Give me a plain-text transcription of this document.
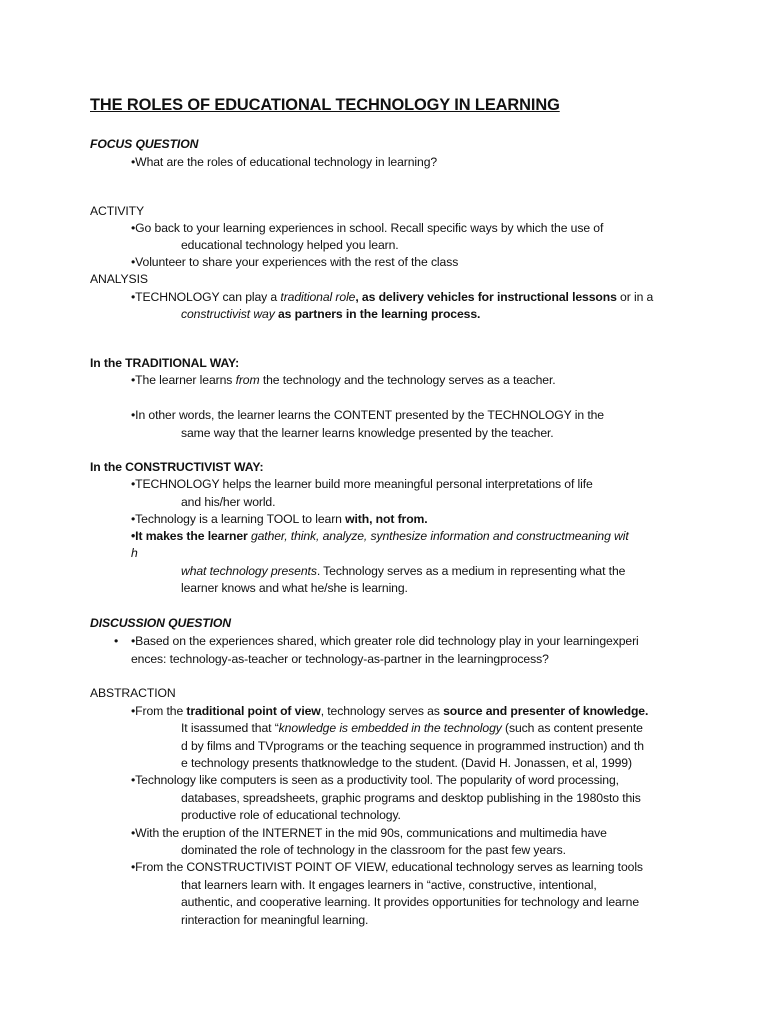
THE ROLES OF EDUCATIONAL TECHNOLOGY IN LEARNING
FOCUS QUESTION
•What are the roles of educational technology in learning?
ACTIVITY
•Go back to your learning experiences in school. Recall specific ways by which the use of
educational technology helped you learn.
•Volunteer to share your experiences with the rest of the class
ANALYSIS
•TECHNOLOGY can play a traditional role, as delivery vehicles for instructional lessons or in a
constructivist way as partners in the learning process.
In the TRADITIONAL WAY:
•The learner learns from the technology and the technology serves as a teacher.
•In other words, the learner learns the CONTENT presented by the TECHNOLOGY in the
same way that the learner learns knowledge presented by the teacher.
In the CONSTRUCTIVIST WAY:
•TECHNOLOGY helps the learner build more meaningful personal interpretations of life
and his/her world.
•Technology is a learning TOOL to learn with, not from.
•It makes the learner gather, think, analyze, synthesize information and constructmeaning wit
h
what technology presents. Technology serves as a medium in representing what the
learner knows and what he/she is learning.
DISCUSSION QUESTION
• •Based on the experiences shared, which greater role did technology play in your learningexperi
ences: technology-as-teacher or technology-as-partner in the learningprocess?
ABSTRACTION
•From the traditional point of view, technology serves as source and presenter of knowledge.
It isassumed that “knowledge is embedded in the technology (such as content presente
d by films and TVprograms or the teaching sequence in programmed instruction) and th
e technology presents thatknowledge to the student. (David H. Jonassen, et al, 1999)
•Technology like computers is seen as a productivity tool. The popularity of word processing,
databases, spreadsheets, graphic programs and desktop publishing in the 1980sto this
productive role of educational technology.
•With the eruption of the INTERNET in the mid 90s, communications and multimedia have
dominated the role of technology in the classroom for the past few years.
•From the CONSTRUCTIVIST POINT OF VIEW, educational technology serves as learning tools
that learners learn with. It engages learners in “active, constructive, intentional,
authentic, and cooperative learning. It provides opportunities for technology and learne
rinteraction for meaningful learning.
